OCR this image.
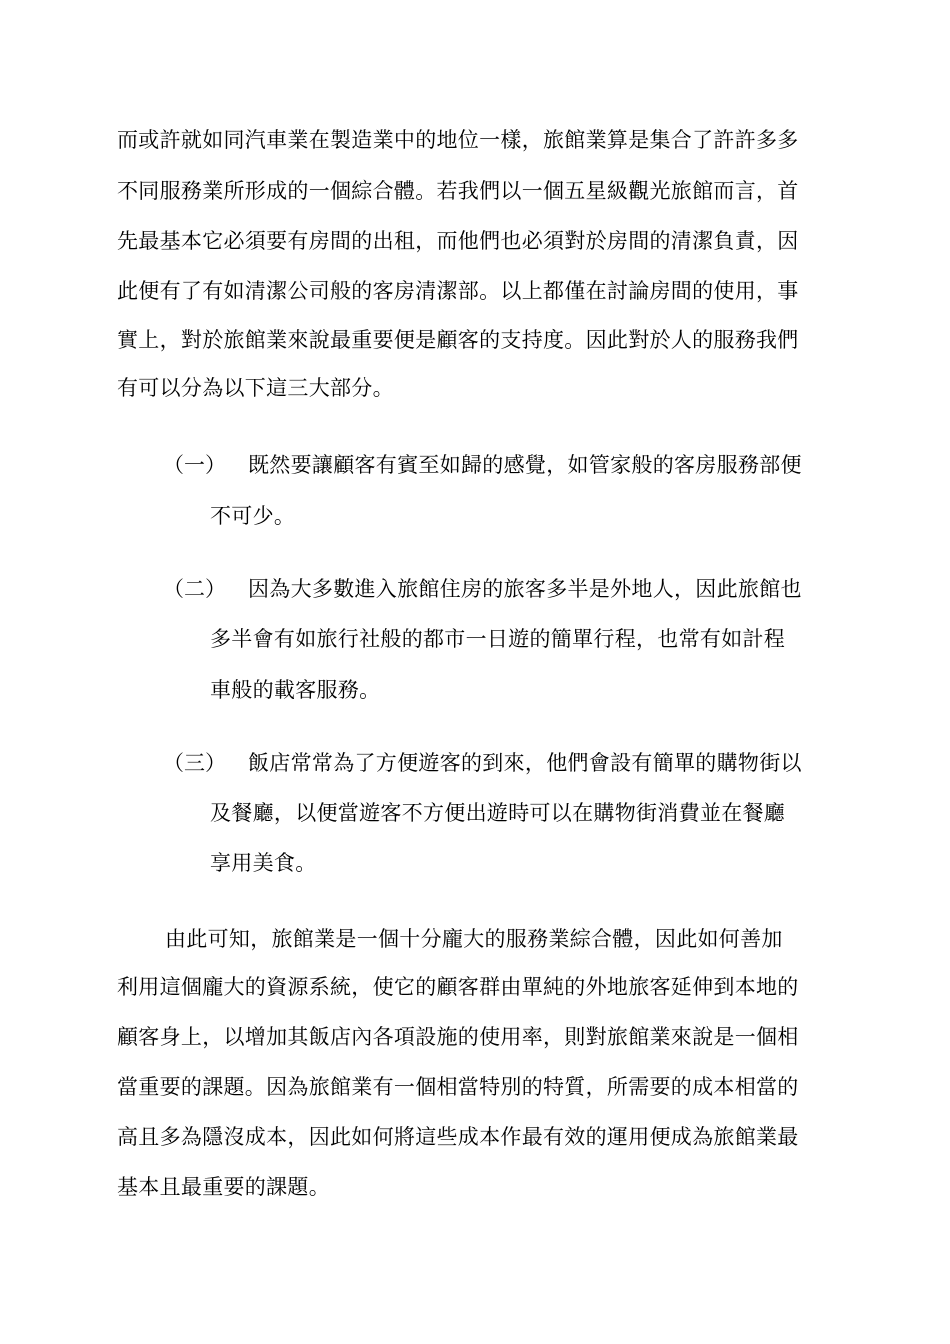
而或許就如同汽車業在製造業中的地位一樣，旅館業算是集合了許許多多
不同服務業所形成的一個綜合體。若我們以一個五星級觀光旅館而言，首
先最基本它必須要有房間的出租，而他們也必須對於房間的清潔負責，因
此便有了有如清潔公司般的客房清潔部。以上都僅在討論房間的使用，事
實上，對於旅館業來說最重要便是顧客的支持度。因此對於人的服務我們
有可以分為以下這三大部分。
（一） 既然要讓顧客有賓至如歸的感覺，如管家般的客房服務部便
不可少。
（二） 因為大多數進入旅館住房的旅客多半是外地人，因此旅館也
多半會有如旅行社般的都市一日遊的簡單行程，也常有如計程
車般的載客服務。
（三） 飯店常常為了方便遊客的到來，他們會設有簡單的購物街以
及餐廳，以便當遊客不方便出遊時可以在購物街消費並在餐廳
享用美食。
由此可知，旅館業是一個十分龐大的服務業綜合體，因此如何善加
利用這個龐大的資源系統，使它的顧客群由單純的外地旅客延伸到本地的
顧客身上，以增加其飯店內各項設施的使用率，則對旅館業來說是一個相
當重要的課題。因為旅館業有一個相當特別的特質，所需要的成本相當的
高且多為隱沒成本，因此如何將這些成本作最有效的運用便成為旅館業最
基本且最重要的課題。
